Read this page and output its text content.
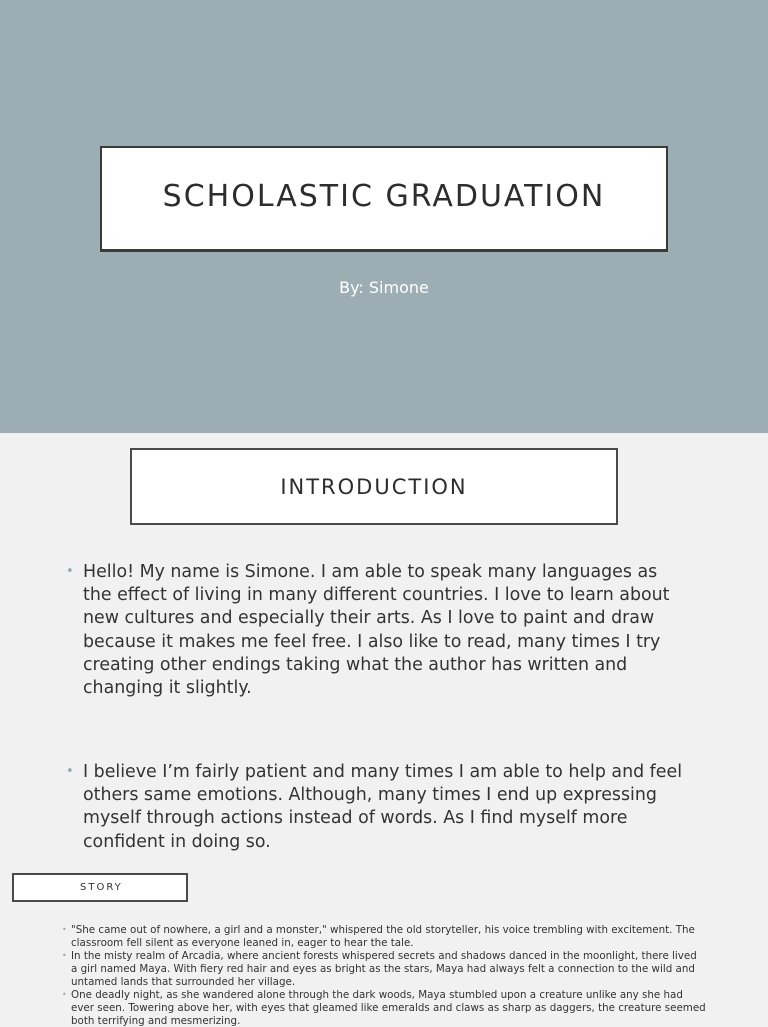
SCHOLASTIC GRADUATION
By: Simone
INTRODUCTION
• Hello! My name is Simone. I am able to speak many languages as the effect of living in many different countries. I love to learn about new cultures and especially their arts. As I love to paint and draw because it makes me feel free. I also like to read, many times I try creating other endings taking what the author has written and changing it slightly.
• I believe I’m fairly patient and many times I am able to help and feel others same emotions. Although, many times I end up expressing myself through actions instead of words. As I find myself more confident in doing so.
STORY
• "She came out of nowhere, a girl and a monster," whispered the old storyteller, his voice trembling with excitement. The classroom fell silent as everyone leaned in, eager to hear the tale.
• In the misty realm of Arcadia, where ancient forests whispered secrets and shadows danced in the moonlight, there lived a girl named Maya. With fiery red hair and eyes as bright as the stars, Maya had always felt a connection to the wild and untamed lands that surrounded her village.
• One deadly night, as she wandered alone through the dark woods, Maya stumbled upon a creature unlike any she had ever seen. Towering above her, with eyes that gleamed like emeralds and claws as sharp as daggers, the creature seemed both terrifying and mesmerizing.
